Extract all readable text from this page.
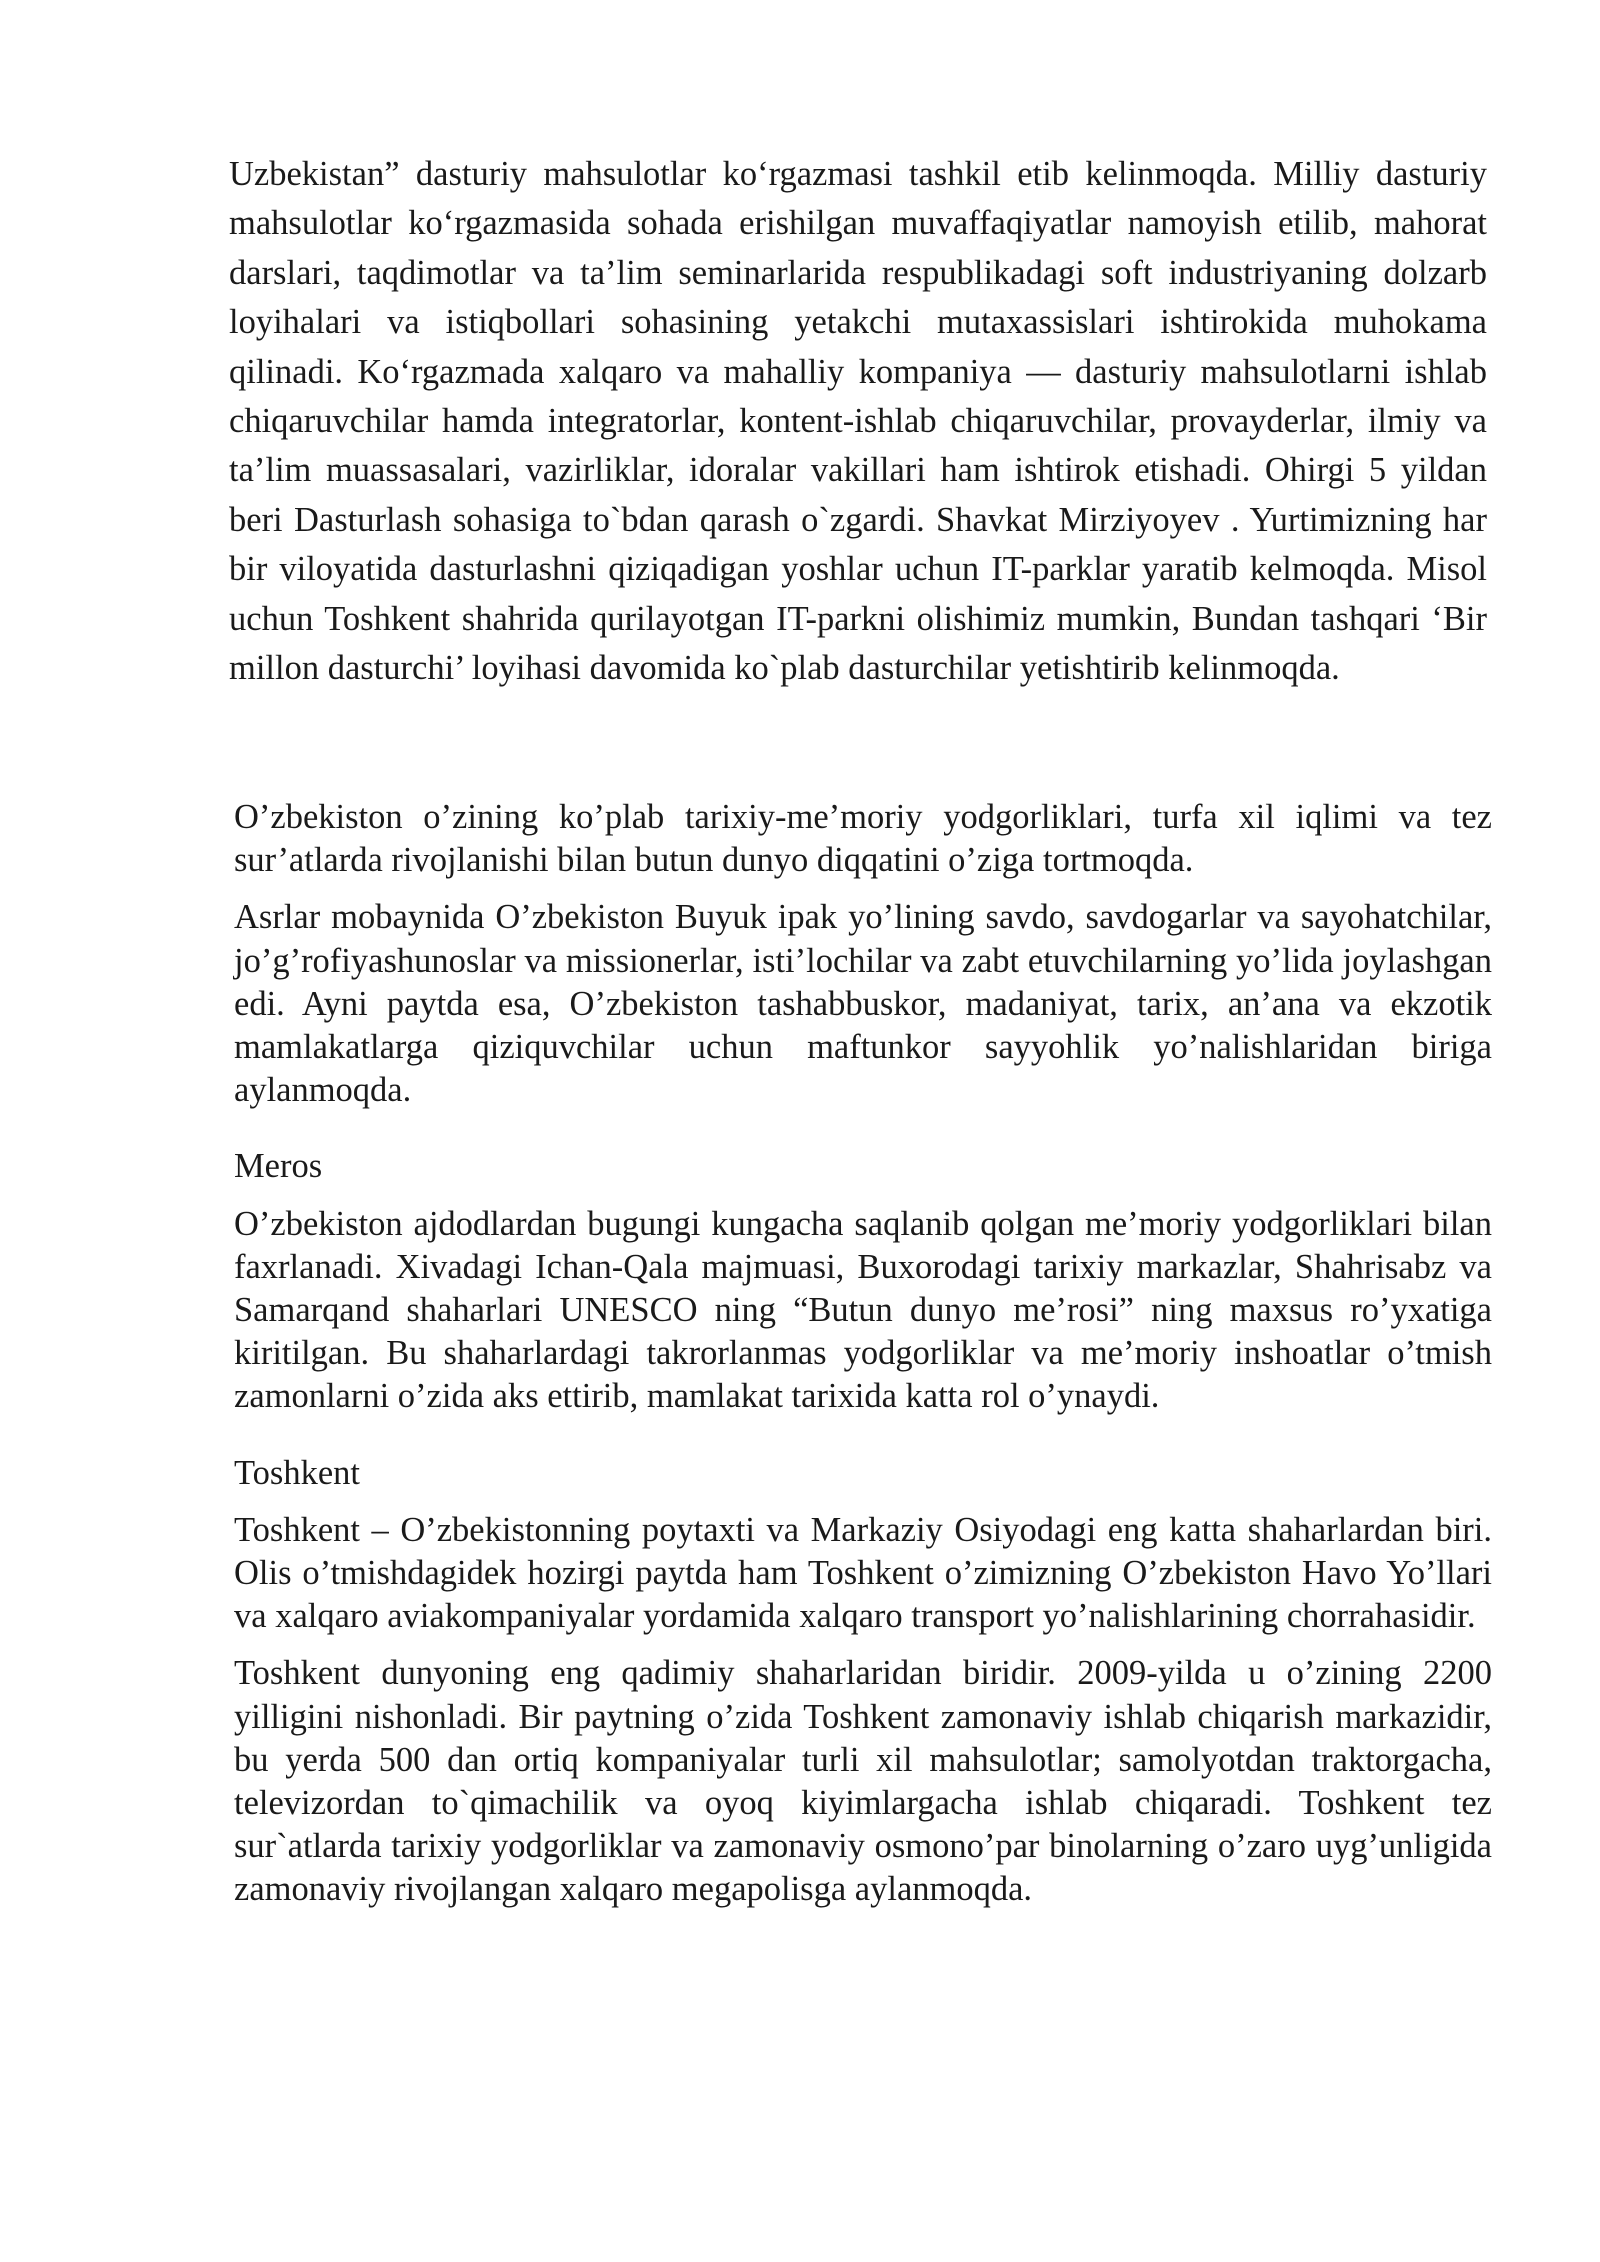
Uzbekistan” dasturiy mahsulotlar ko‘rgazmasi tashkil etib kelinmoqda. Milliy dasturiy mahsulotlar ko‘rgazmasida sohada erishilgan muvaffaqiyatlar namoyish etilib, mahorat darslari, taqdimotlar va ta’lim seminarlarida respublikadagi soft industriyaning dolzarb loyihalari va istiqbollari sohasining yetakchi mutaxassislari ishtirokida muhokama qilinadi. Ko‘rgazmada xalqaro va mahalliy kompaniya — dasturiy mahsulotlarni ishlab chiqaruvchilar hamda integratorlar, kontent-ishlab chiqaruvchilar, provayderlar, ilmiy va ta’lim muassasalari, vazirliklar, idoralar vakillari ham ishtirok etishadi. Ohirgi 5 yildan beri Dasturlash sohasiga to`bdan qarash o`zgardi. Shavkat Mirziyoyev . Yurtimizning har bir viloyatida dasturlashni qiziqadigan yoshlar uchun IT-parklar yaratib kelmoqda. Misol uchun Toshkent shahrida qurilayotgan IT-parkni olishimiz mumkin, Bundan tashqari ‘Bir millon dasturchi’ loyihasi davomida ko`plab dasturchilar yetishtirib kelinmoqda.

O’zbekiston o’zining ko’plab tarixiy-me’moriy yodgorliklari, turfa xil iqlimi va tez sur’atlarda rivojlanishi bilan butun dunyo diqqatini o’ziga tortmoqda.

Asrlar mobaynida O’zbekiston Buyuk ipak yo’lining savdo, savdogarlar va sayohatchilar, jo’g’rofiyashunoslar va missionerlar, isti’lochilar va zabt etuvchilarning yo’lida joylashgan edi. Ayni paytda esa, O’zbekiston tashabbuskor, madaniyat, tarix, an’ana va ekzotik mamlakatlarga qiziquvchilar uchun maftunkor sayyohlik yo’nalishlaridan biriga aylanmoqda.

Meros

O’zbekiston ajdodlardan bugungi kungacha saqlanib qolgan me’moriy yodgorliklari bilan faxrlanadi. Xivadagi Ichan-Qala majmuasi, Buxorodagi tarixiy markazlar, Shahrisabz va Samarqand shaharlari UNESCO ning “Butun dunyo me’rosi” ning maxsus ro’yxatiga kiritilgan. Bu shaharlardagi takrorlanmas yodgorliklar va me’moriy inshoatlar o’tmish zamonlarni o’zida aks ettirib, mamlakat tarixida katta rol o’ynaydi.

Toshkent

Toshkent – O’zbekistonning poytaxti va Markaziy Osiyodagi eng katta shaharlardan biri. Olis o’tmishdagidek hozirgi paytda ham Toshkent o’zimizning O’zbekiston Havo Yo’llari va xalqaro aviakompaniyalar yordamida xalqaro transport yo’nalishlarining chorrahasidir.

Toshkent dunyoning eng qadimiy shaharlaridan biridir. 2009-yilda u o’zining 2200 yilligini nishonladi. Bir paytning o’zida Toshkent zamonaviy ishlab chiqarish markazidir, bu yerda 500 dan ortiq kompaniyalar turli xil mahsulotlar; samolyotdan traktorgacha, televizordan to`qimachilik va oyoq kiyimlargacha ishlab chiqaradi. Toshkent tez sur`atlarda tarixiy yodgorliklar va zamonaviy osmono’par binolarning o’zaro uyg’unligida zamonaviy rivojlangan xalqaro megapolisga aylanmoqda.
